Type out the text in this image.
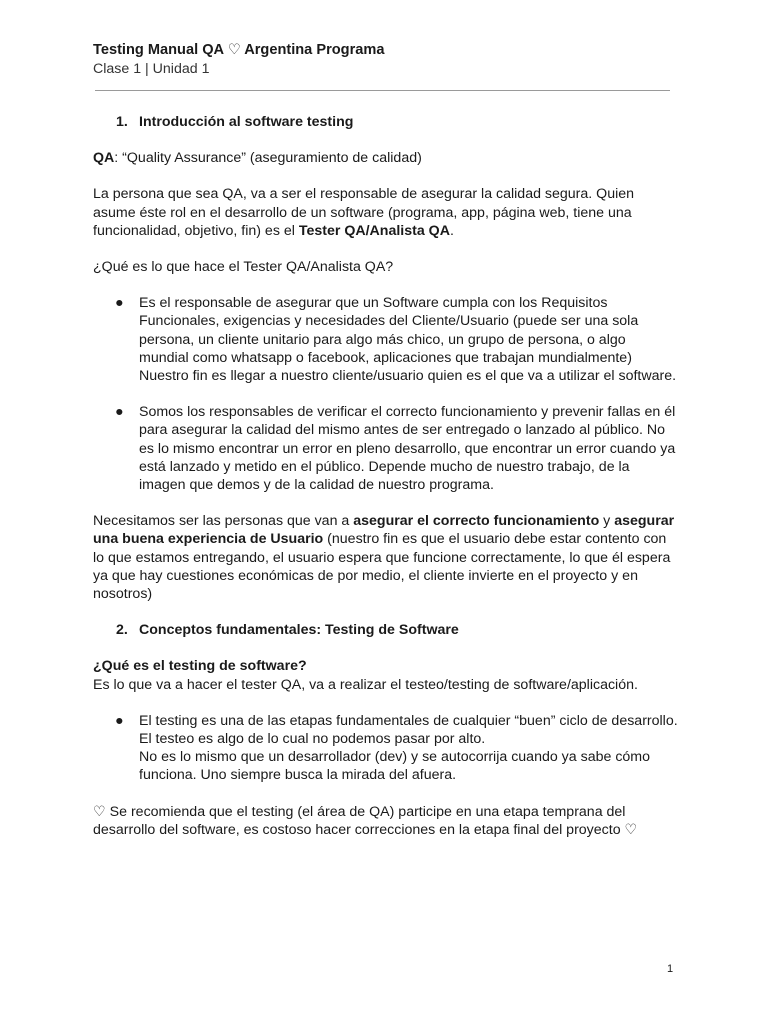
Testing Manual QA ♡ Argentina Programa

Clase 1 | Unidad 1

1. Introducción al software testing

QA: “Quality Assurance” (aseguramiento de calidad)

La persona que sea QA, va a ser el responsable de asegurar la calidad segura. Quien asume éste rol en el desarrollo de un software (programa, app, página web, tiene una funcionalidad, objetivo, fin) es el Tester QA/Analista QA.

¿Qué es lo que hace el Tester QA/Analista QA?

● Es el responsable de asegurar que un Software cumpla con los Requisitos Funcionales, exigencias y necesidades del Cliente/Usuario (puede ser una sola persona, un cliente unitario para algo más chico, un grupo de persona, o algo mundial como whatsapp o facebook, aplicaciones que trabajan mundialmente) Nuestro fin es llegar a nuestro cliente/usuario quien es el que va a utilizar el software.

● Somos los responsables de verificar el correcto funcionamiento y prevenir fallas en él para asegurar la calidad del mismo antes de ser entregado o lanzado al público. No es lo mismo encontrar un error en pleno desarrollo, que encontrar un error cuando ya está lanzado y metido en el público. Depende mucho de nuestro trabajo, de la imagen que demos y de la calidad de nuestro programa.

Necesitamos ser las personas que van a asegurar el correcto funcionamiento y asegurar una buena experiencia de Usuario (nuestro fin es que el usuario debe estar contento con lo que estamos entregando, el usuario espera que funcione correctamente, lo que él espera ya que hay cuestiones económicas de por medio, el cliente invierte en el proyecto y en nosotros)

2. Conceptos fundamentales: Testing de Software

¿Qué es el testing de software?

Es lo que va a hacer el tester QA, va a realizar el testeo/testing de software/aplicación.

● El testing es una de las etapas fundamentales de cualquier “buen” ciclo de desarrollo. El testeo es algo de lo cual no podemos pasar por alto.

No es lo mismo que un desarrollador (dev) y se autocorrija cuando ya sabe cómo funciona. Uno siempre busca la mirada del afuera.

♡ Se recomienda que el testing (el área de QA) participe en una etapa temprana del desarrollo del software, es costoso hacer correcciones en la etapa final del proyecto ♡

1
